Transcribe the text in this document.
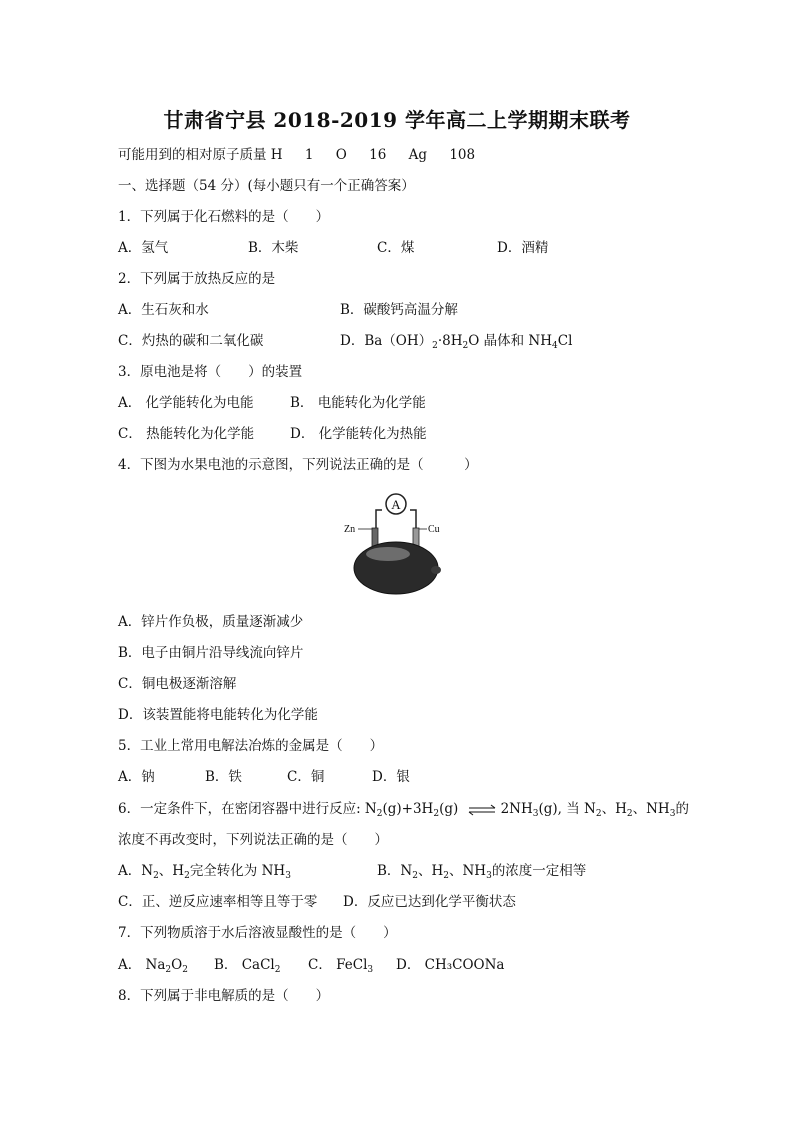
甘肃省宁县 2018-2019 学年高二上学期期末联考
可能用到的相对原子质量 H 1 O 16 Ag 108
一、选择题（54 分）(每小题只有一个正确答案）
1．下列属于化石燃料的是（　　）
A．氢气	B．木柴	C．煤	D．酒精
2．下列属于放热反应的是
A．生石灰和水	B．碳酸钙高温分解
C．灼热的碳和二氧化碳	D．$Ba(OH)_2\cdot 8H_2O$ 晶体和 $NH_4Cl$
3．原电池是将（　　）的装置
A． 化学能转化为电能	B． 电能转化为化学能
C． 热能转化为化学能	D． 化学能转化为热能
4．下图为水果电池的示意图，下列说法正确的是（　　　）
A
Zn	Cu
A．锌片作负极，质量逐渐减少
B．电子由铜片沿导线流向锌片
C．铜电极逐渐溶解
D．该装置能将电能转化为化学能
5．工业上常用电解法冶炼的金属是（　　）
A．钠	B．铁	C．铜	D．银
6．一定条件下，在密闭容器中进行反应: $N_2(g)+3H_2(g)$ ⇌ $2NH_3(g)$, 当 $N_2$、$H_2$、$NH_3$的
浓度不再改变时，下列说法正确的是（　　）
A．$N_2$、$H_2$完全转化为 $NH_3$	B．$N_2$、$H_2$、$NH_3$的浓度一定相等
C．正、逆反应速率相等且等于零 D．反应已达到化学平衡状态
7．下列物质溶于水后溶液显酸性的是（　　）
A． $Na_2O_2$ B． CaCl$_2$ C． FeCl$_3$ D． CH₃COONa
8．下列属于非电解质的是（　　）
